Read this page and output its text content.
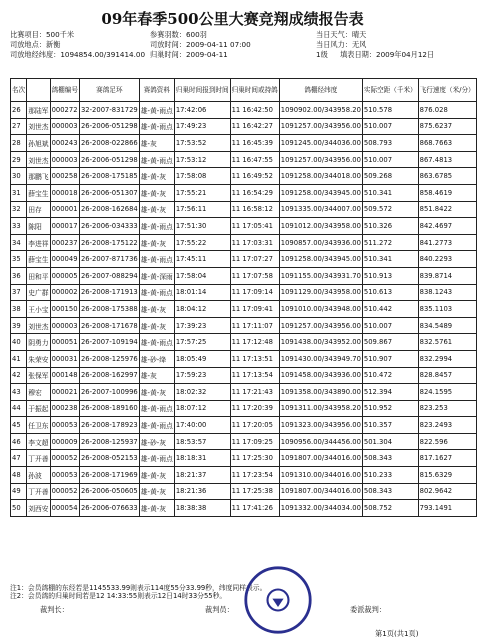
09年春季500公里大赛竞翔成绩报告表
比赛项目：500千米	参赛羽数：600羽	当日天气：晴天
司放地点：新衡	司放时间：2009-04-11 07:00	当日风力：无风
司放地经纬度：1094854.00/391414.00 归巢时间：2009-04-11	1级 填表日期：2009年04月12日
名次		鸽棚编号	赛鸽足环	赛鸽资料	归巢时间报到时间	归巢时间或持鸽	鸽棚经纬度	实际空距（千米）	飞行速度（米/分）
26	那陆军	000272	32-2007-831729	雄-黄-雨点	17:42:06	11 16:42:50	1090902.00/343958.20	510.578	876.028
27	刘世杰	000003	26-2006-051298	雄-黄-雨点	17:49:23	11 16:42:27	1091257.00/343956.00	510.007	875.6237
28	孙旭斌	000243	26-2008-022866	雄-灰	17:53:52	11 16:45:39	1091245.00/344036.00	508.793	868.7663
29	刘世杰	000003	26-2006-051298	雄-黄-雨点	17:53:12	11 16:47:55	1091257.00/343956.00	510.007	867.4813
30	那鹏飞	000258	26-2008-175185	雄-黄-灰	17:58:08	11 16:49:52	1091258.00/344018.00	509.268	863.6785
31	薛宝生	000018	26-2006-051307	雄-黄-灰	17:55:21	11 16:54:29	1091258.00/343945.00	510.341	858.4619
32	田存	000001	26-2008-162684	雄-黄-灰	17:56:11	11 16:58:12	1091335.00/344007.00	509.572	851.8422
33	陈阳	000017	26-2006-034333	雄-黄-雨点	17:51:30	11 17:05:41	1091012.00/343958.00	510.326	842.4697
34	李进祥	000237	26-2008-175122	雄-黄-灰	17:55:22	11 17:03:31	1090857.00/343936.00	511.272	841.2773
35	薛宝生	000049	26-2007-871736	雄-黄-雨点	17:45:11	11 17:07:27	1091258.00/343945.00	510.341	840.2293
36	田和平	000005	26-2007-088294	雄-黄-深雨	17:58:04	11 17:07:58	1091155.00/343931.70	510.913	839.8714
37	史广群	000002	26-2008-171913	雄-黄-雨点	18:01:14	11 17:09:14	1091129.00/343958.00	510.613	838.1243
38	王小宝	000150	26-2008-175388	雄-黄-灰	18:04:12	11 17:09:41	1091010.00/343948.00	510.442	835.1103
39	刘世杰	000003	26-2008-171678	雄-黄-灰	17:39:23	11 17:11:07	1091257.00/343956.00	510.007	834.5489
40	阴勇力	000051	26-2007-109194	雄-黄-雨点	17:57:25	11 17:12:48	1091438.00/343952.00	509.867	832.5761
41	朱荣安	000031	26-2008-125976	雄-砂-绛	18:05:49	11 17:13:51	1091430.00/343949.70	510.907	832.2994
42	张保军	000148	26-2008-162997	雄-灰	17:59:23	11 17:13:54	1091458.00/343936.00	510.472	828.8457
43	穆宏	000021	26-2007-100996	雄-黄-灰	18:02:32	11 17:21:43	1091358.00/343890.00	512.394	824.1595
44	于振起	000238	26-2008-189160	雄-黄-雨点	18:07:12	11 17:20:39	1091311.00/343958.20	510.952	823.253
45	任卫东	000053	26-2008-178923	雄-黄-雨点	17:40:00	11 17:20:05	1091323.00/343956.00	510.357	823.2493
46	李文超	000009	26-2008-125937	雄-砂-灰	18:53:57	11 17:09:25	1090956.00/344456.00	501.304	822.596
47	丁开善	000052	26-2008-052153	雄-黄-雨点	18:18:31	11 17:25:30	1091807.00/344016.00	508.343	817.1627
48	孙波	000053	26-2008-171969	雄-黄-灰	18:21:37	11 17:23:54	1091310.00/344016.00	510.233	815.6329
49	丁开善	000052	26-2006-050605	雄-黄-灰	18:21:36	11 17:25:38	1091807.00/344016.00	508.343	802.9642
50	刘西安	000054	26-2006-076633	雄-黄-灰	18:38:38	11 17:41:26	1091332.00/344034.00	508.752	793.1491
注1：会员鸽棚的东经若是1145533.99则表示114度55分33.99秒，纬度同样表示。
注2：会员鸽的归巢时间若是12 14:33:55则表示12日14时33分55秒。
裁判长：	裁判员：	委派裁判：
第1页(共1页)
